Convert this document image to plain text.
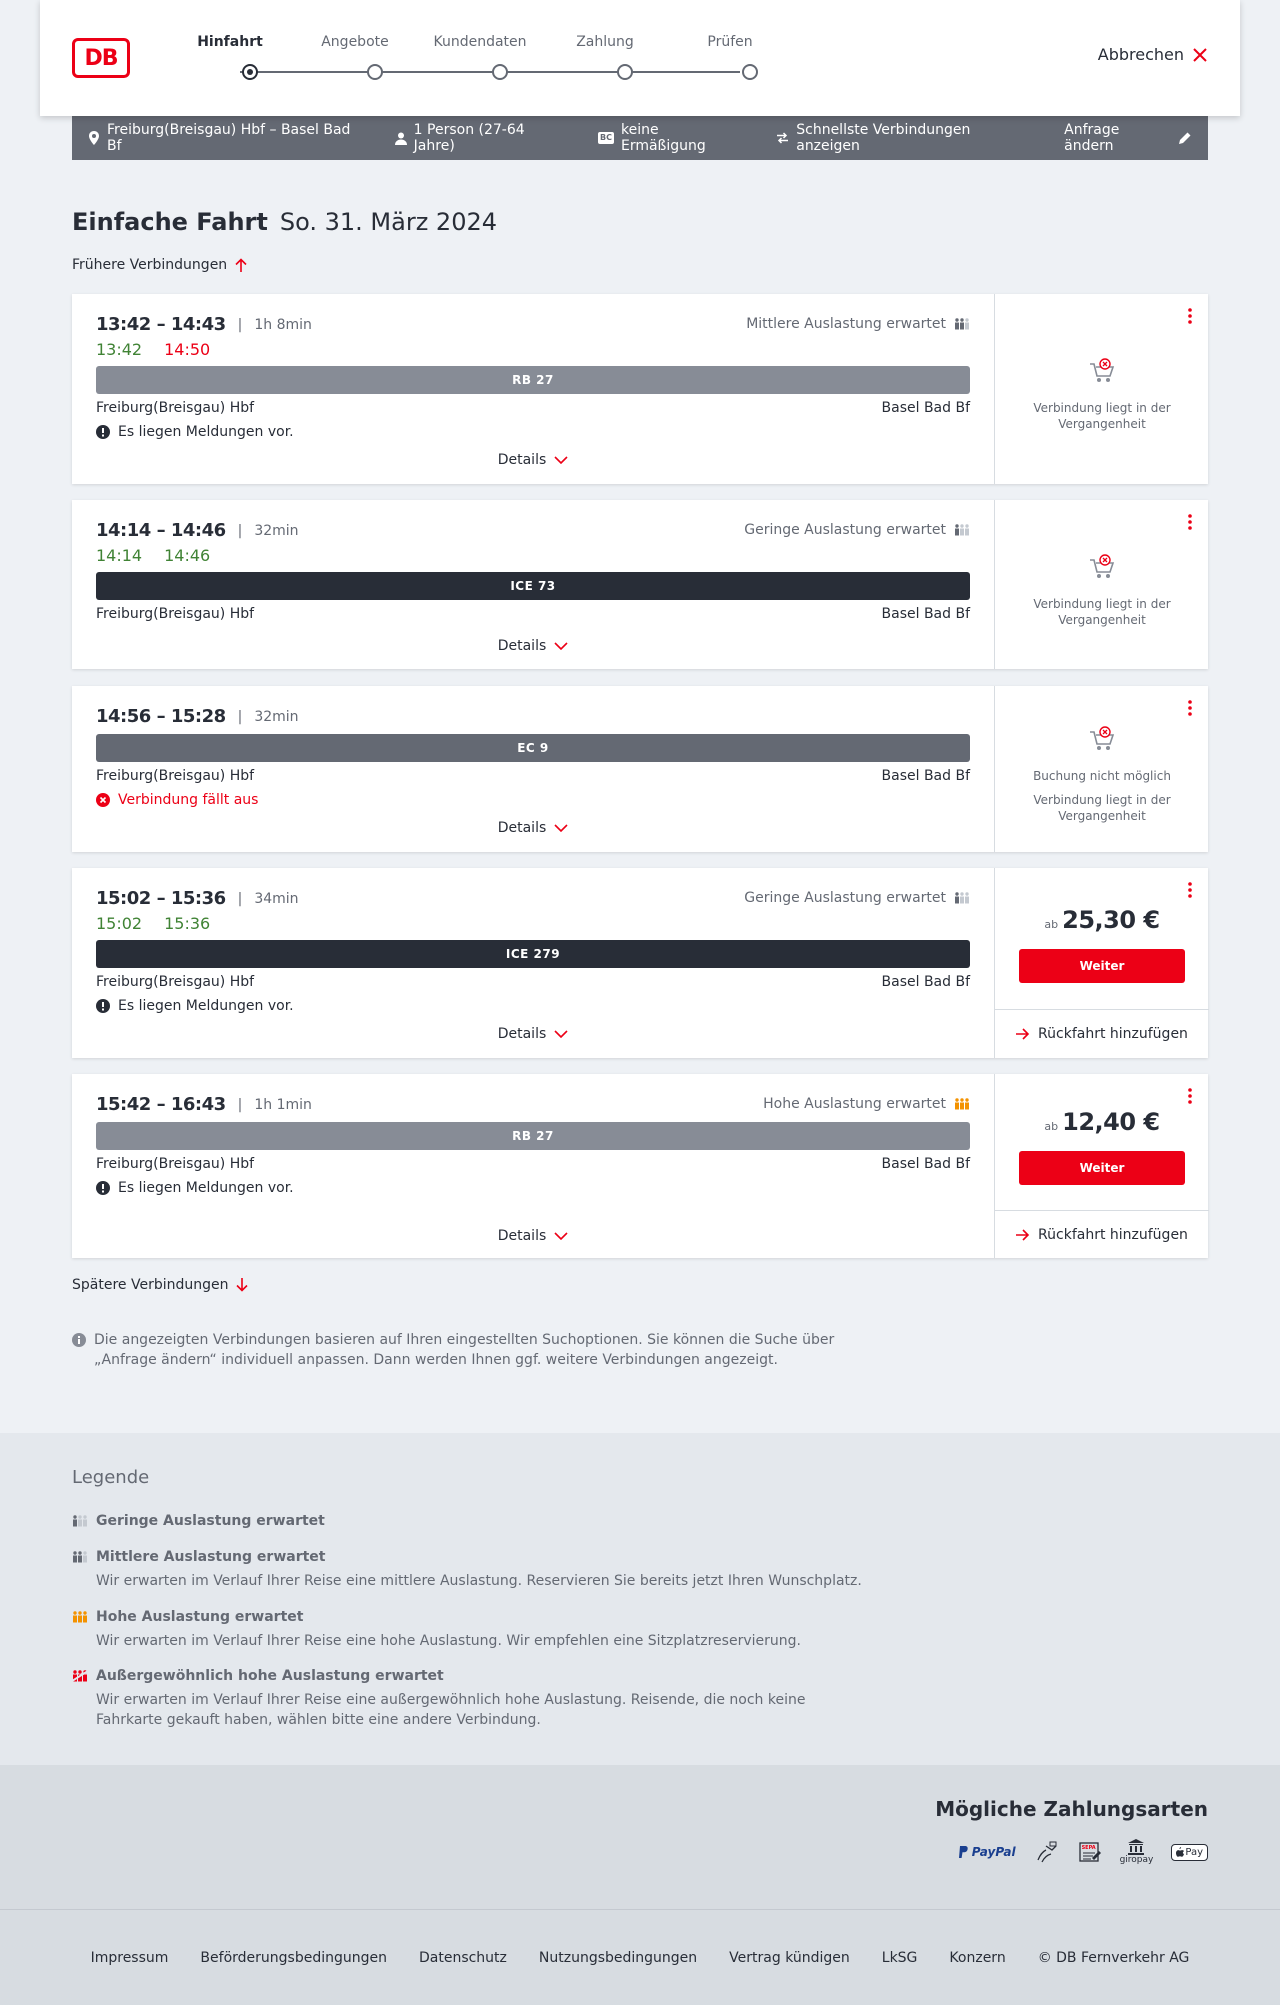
DB
Hinfahrt	Angebote	Kundendaten	Zahlung	Prüfen
Abbrechen
Freiburg(Breisgau) Hbf – Basel Bad Bf
1 Person (27-64 Jahre)
BC keine Ermäßigung
Schnellste Verbindungen anzeigen
Anfrage ändern
Einfache Fahrt So. 31. März 2024
Frühere Verbindungen
13:42 – 14:43 | 1h 8min	Mittlere Auslastung erwartet
13:42 14:50
RB 27
Freiburg(Breisgau) Hbf	Basel Bad Bf
Es liegen Meldungen vor.
Details
Verbindung liegt in der Vergangenheit
14:14 – 14:46 | 32min	Geringe Auslastung erwartet
14:14 14:46
ICE 73
Freiburg(Breisgau) Hbf	Basel Bad Bf
Details
Verbindung liegt in der Vergangenheit
14:56 – 15:28 | 32min
EC 9
Freiburg(Breisgau) Hbf	Basel Bad Bf
Verbindung fällt aus
Details
Buchung nicht möglich
Verbindung liegt in der Vergangenheit
15:02 – 15:36 | 34min	Geringe Auslastung erwartet
15:02 15:36
ICE 279
Freiburg(Breisgau) Hbf	Basel Bad Bf
Es liegen Meldungen vor.
Details
ab 25,30 €
Weiter
Rückfahrt hinzufügen
15:42 – 16:43 | 1h 1min	Hohe Auslastung erwartet
RB 27
Freiburg(Breisgau) Hbf	Basel Bad Bf
Es liegen Meldungen vor.
Details
ab 12,40 €
Weiter
Rückfahrt hinzufügen
Spätere Verbindungen
Die angezeigten Verbindungen basieren auf Ihren eingestellten Suchoptionen. Sie können die Suche über „Anfrage ändern“ individuell anpassen. Dann werden Ihnen ggf. weitere Verbindungen angezeigt.
Legende
Geringe Auslastung erwartet
Mittlere Auslastung erwartet
Wir erwarten im Verlauf Ihrer Reise eine mittlere Auslastung. Reservieren Sie bereits jetzt Ihren Wunschplatz.
Hohe Auslastung erwartet
Wir erwarten im Verlauf Ihrer Reise eine hohe Auslastung. Wir empfehlen eine Sitzplatzreservierung.
Außergewöhnlich hohe Auslastung erwartet
Wir erwarten im Verlauf Ihrer Reise eine außergewöhnlich hohe Auslastung. Reisende, die noch keine Fahrkarte gekauft haben, wählen bitte eine andere Verbindung.
Mögliche Zahlungsarten
PayPal	SEPA
giropay
Pay
Impressum Beförderungsbedingungen Datenschutz Nutzungsbedingungen Vertrag kündigen LkSG Konzern © DB Fernverkehr AG
